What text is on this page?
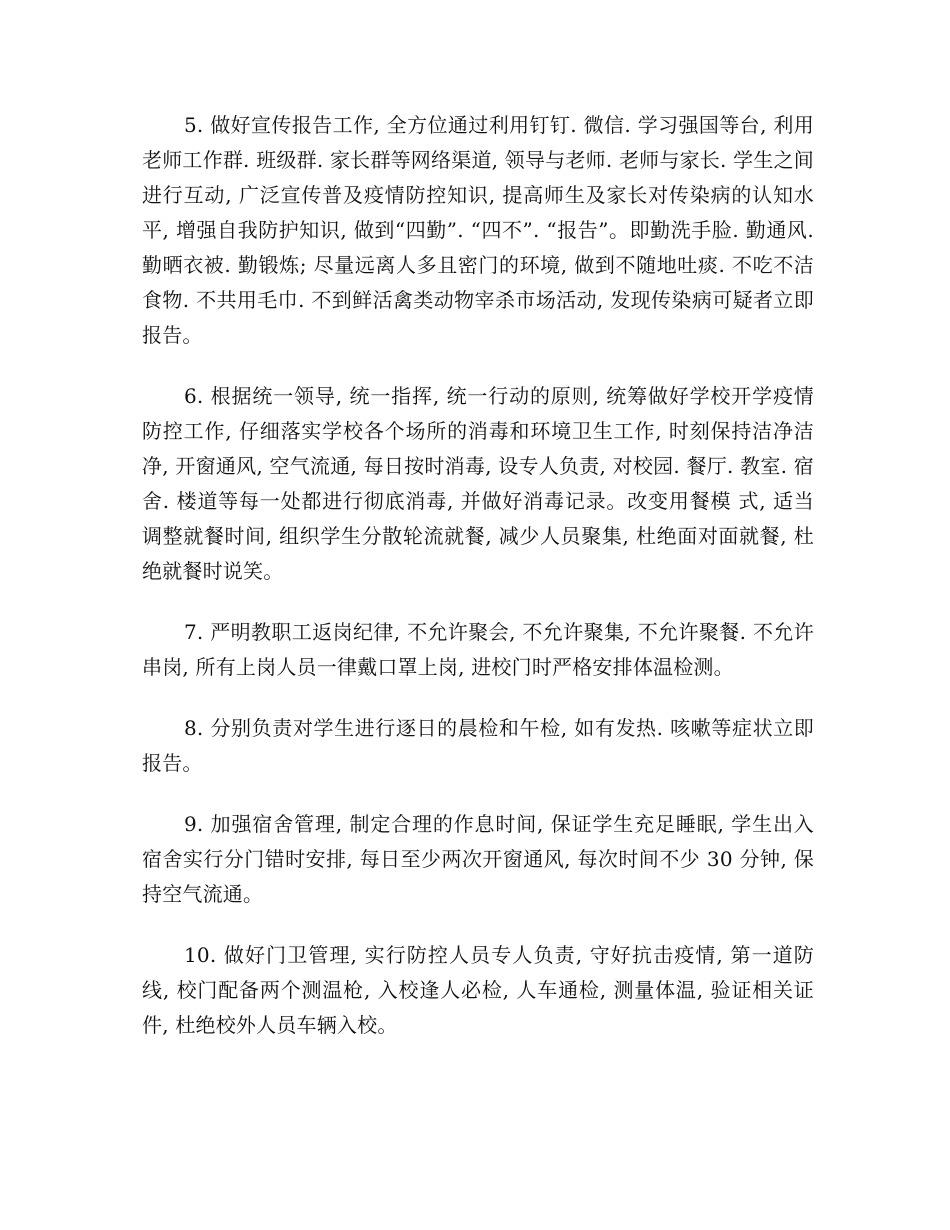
5. 做好宣传报告工作, 全方位通过利用钉钉. 微信. 学习强国等台, 利用老师工作群. 班级群. 家长群等网络渠道, 领导与老师. 老师与家长. 学生之间进行互动, 广泛宣传普及疫情防控知识, 提高师生及家长对传染病的认知水平, 增强自我防护知识, 做到“四勤”. “四不”. “报告”。即勤洗手脸. 勤通风. 勤晒衣被. 勤锻炼; 尽量远离人多且密门的环境, 做到不随地吐痰. 不吃不洁食物. 不共用毛巾. 不到鲜活禽类动物宰杀市场活动, 发现传染病可疑者立即报告。

6. 根据统一领导, 统一指挥, 统一行动的原则, 统筹做好学校开学疫情防控工作, 仔细落实学校各个场所的消毒和环境卫生工作, 时刻保持洁净洁净, 开窗通风, 空气流通, 每日按时消毒, 设专人负责, 对校园. 餐厅. 教室. 宿舍. 楼道等每一处都进行彻底消毒, 并做好消毒记录。改变用餐模 式, 适当调整就餐时间, 组织学生分散轮流就餐, 减少人员聚集, 杜绝面对面就餐, 杜绝就餐时说笑。

7. 严明教职工返岗纪律, 不允许聚会, 不允许聚集, 不允许聚餐. 不允许串岗, 所有上岗人员一律戴口罩上岗, 进校门时严格安排体温检测。

8. 分别负责对学生进行逐日的晨检和午检, 如有发热. 咳嗽等症状立即报告。

9. 加强宿舍管理, 制定合理的作息时间, 保证学生充足睡眠, 学生出入宿舍实行分门错时安排, 每日至少两次开窗通风, 每次时间不少 30 分钟, 保持空气流通。

10. 做好门卫管理, 实行防控人员专人负责, 守好抗击疫情, 第一道防线, 校门配备两个测温枪, 入校逢人必检, 人车通检, 测量体温, 验证相关证件, 杜绝校外人员车辆入校。
